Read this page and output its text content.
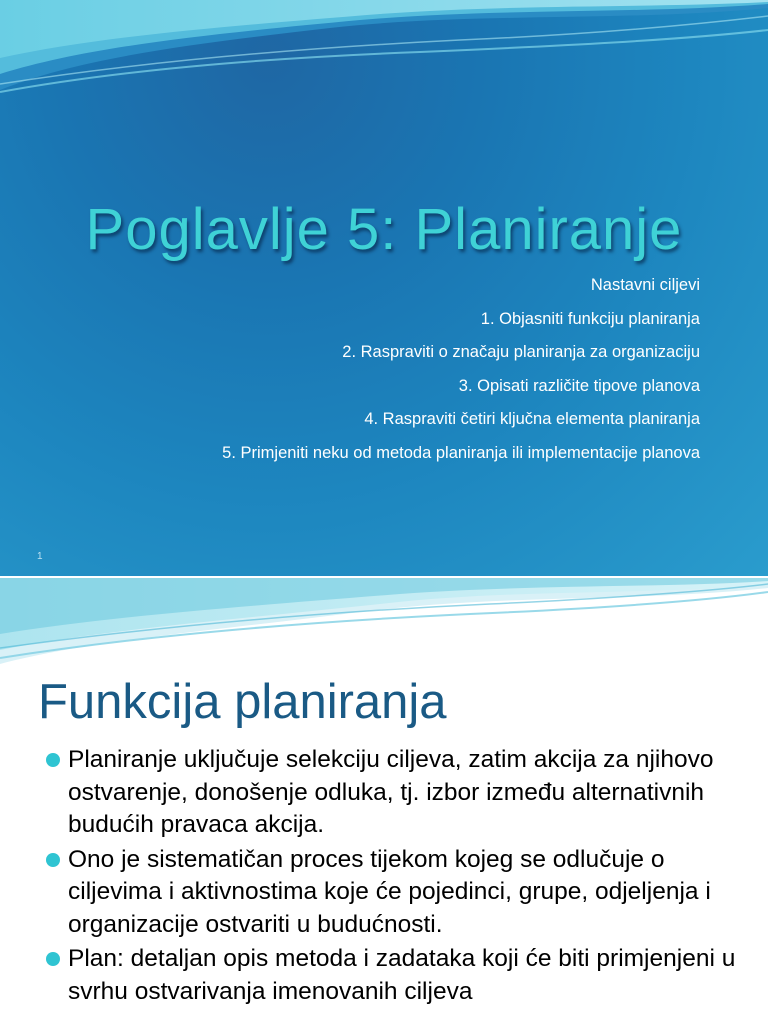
Poglavlje 5: Planiranje
Nastavni ciljevi
1. Objasniti funkciju planiranja
2. Raspraviti o značaju planiranja za organizaciju
3. Opisati različite tipove planova
4. Raspraviti četiri ključna elementa planiranja
5. Primjeniti neku od metoda planiranja ili implementacije planova
1
Funkcija planiranja
Planiranje uključuje selekciju ciljeva, zatim akcija za njihovo ostvarenje, donošenje odluka, tj. izbor između alternativnih budućih pravaca akcija.
Ono je sistematičan proces tijekom kojeg se odlučuje o ciljevima i aktivnostima koje će pojedinci, grupe, odjeljenja i organizacije ostvariti u budućnosti.
Plan: detaljan opis metoda i zadataka koji će biti primjenjeni u svrhu ostvarivanja imenovanih ciljeva
